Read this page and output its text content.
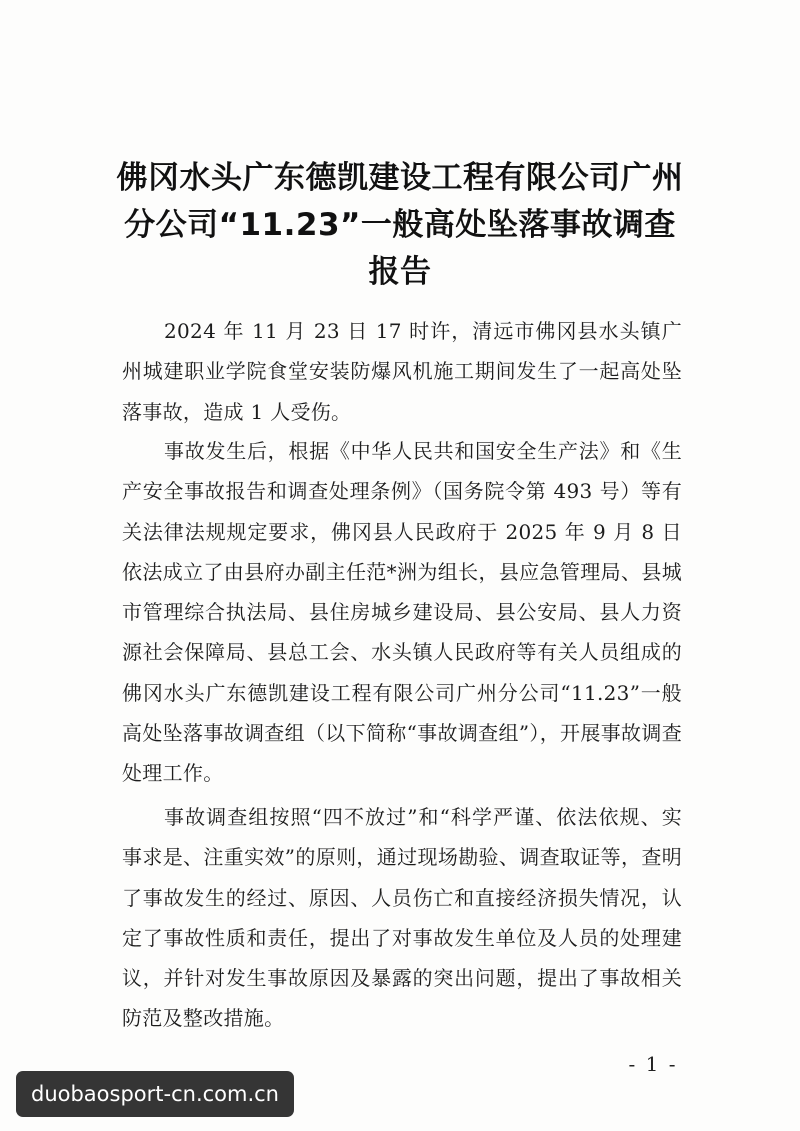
佛冈水头广东德凯建设工程有限公司广州
分公司“11.23”一般高处坠落事故调查
报告

2024 年 11 月 23 日 17 时许，清远市佛冈县水头镇广州城建职业学院食堂安装防爆风机施工期间发生了一起高处坠落事故，造成 1 人受伤。

事故发生后，根据《中华人民共和国安全生产法》和《生产安全事故报告和调查处理条例》（国务院令第 493 号）等有关法律法规规定要求，佛冈县人民政府于 2025 年 9 月 8 日依法成立了由县府办副主任范*洲为组长，县应急管理局、县城市管理综合执法局、县住房城乡建设局、县公安局、县人力资源社会保障局、县总工会、水头镇人民政府等有关人员组成的佛冈水头广东德凯建设工程有限公司广州分公司“11.23”一般高处坠落事故调查组（以下简称“事故调查组”），开展事故调查处理工作。

事故调查组按照“四不放过”和“科学严谨、依法依规、实事求是、注重实效”的原则，通过现场勘验、调查取证等，查明了事故发生的经过、原因、人员伤亡和直接经济损失情况，认定了事故性质和责任，提出了对事故发生单位及人员的处理建议，并针对发生事故原因及暴露的突出问题，提出了事故相关防范及整改措施。

- 1 -
duobaosport-cn.com.cn
